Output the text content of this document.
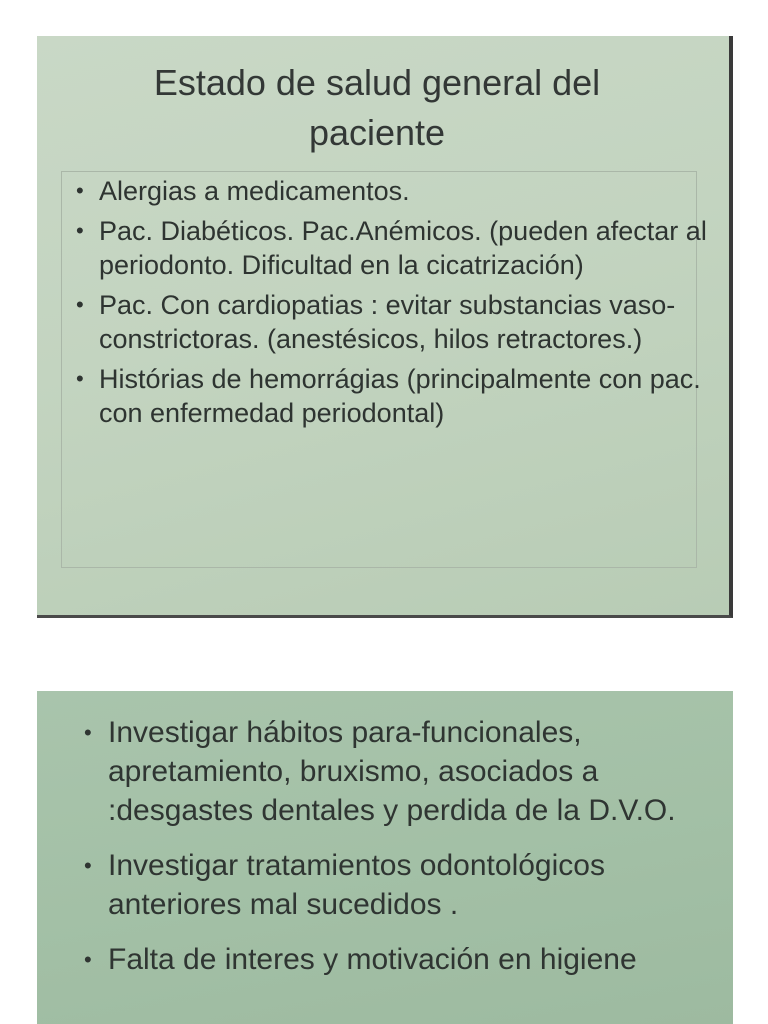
Estado de salud general del
paciente
• Alergias a medicamentos.
• Pac. Diabéticos. Pac.Anémicos. (pueden afectar al periodonto. Dificultad en la cicatrización)
• Pac. Con cardiopatias : evitar substancias vaso-constrictoras. (anestésicos, hilos retractores.)
• Histórias de hemorrágias (principalmente con pac. con enfermedad periodontal)
• Investigar hábitos para-funcionales, apretamiento, bruxismo, asociados a :desgastes dentales y perdida de la D.V.O.
• Investigar tratamientos odontológicos anteriores mal sucedidos .
• Falta de interes y motivación en higiene
